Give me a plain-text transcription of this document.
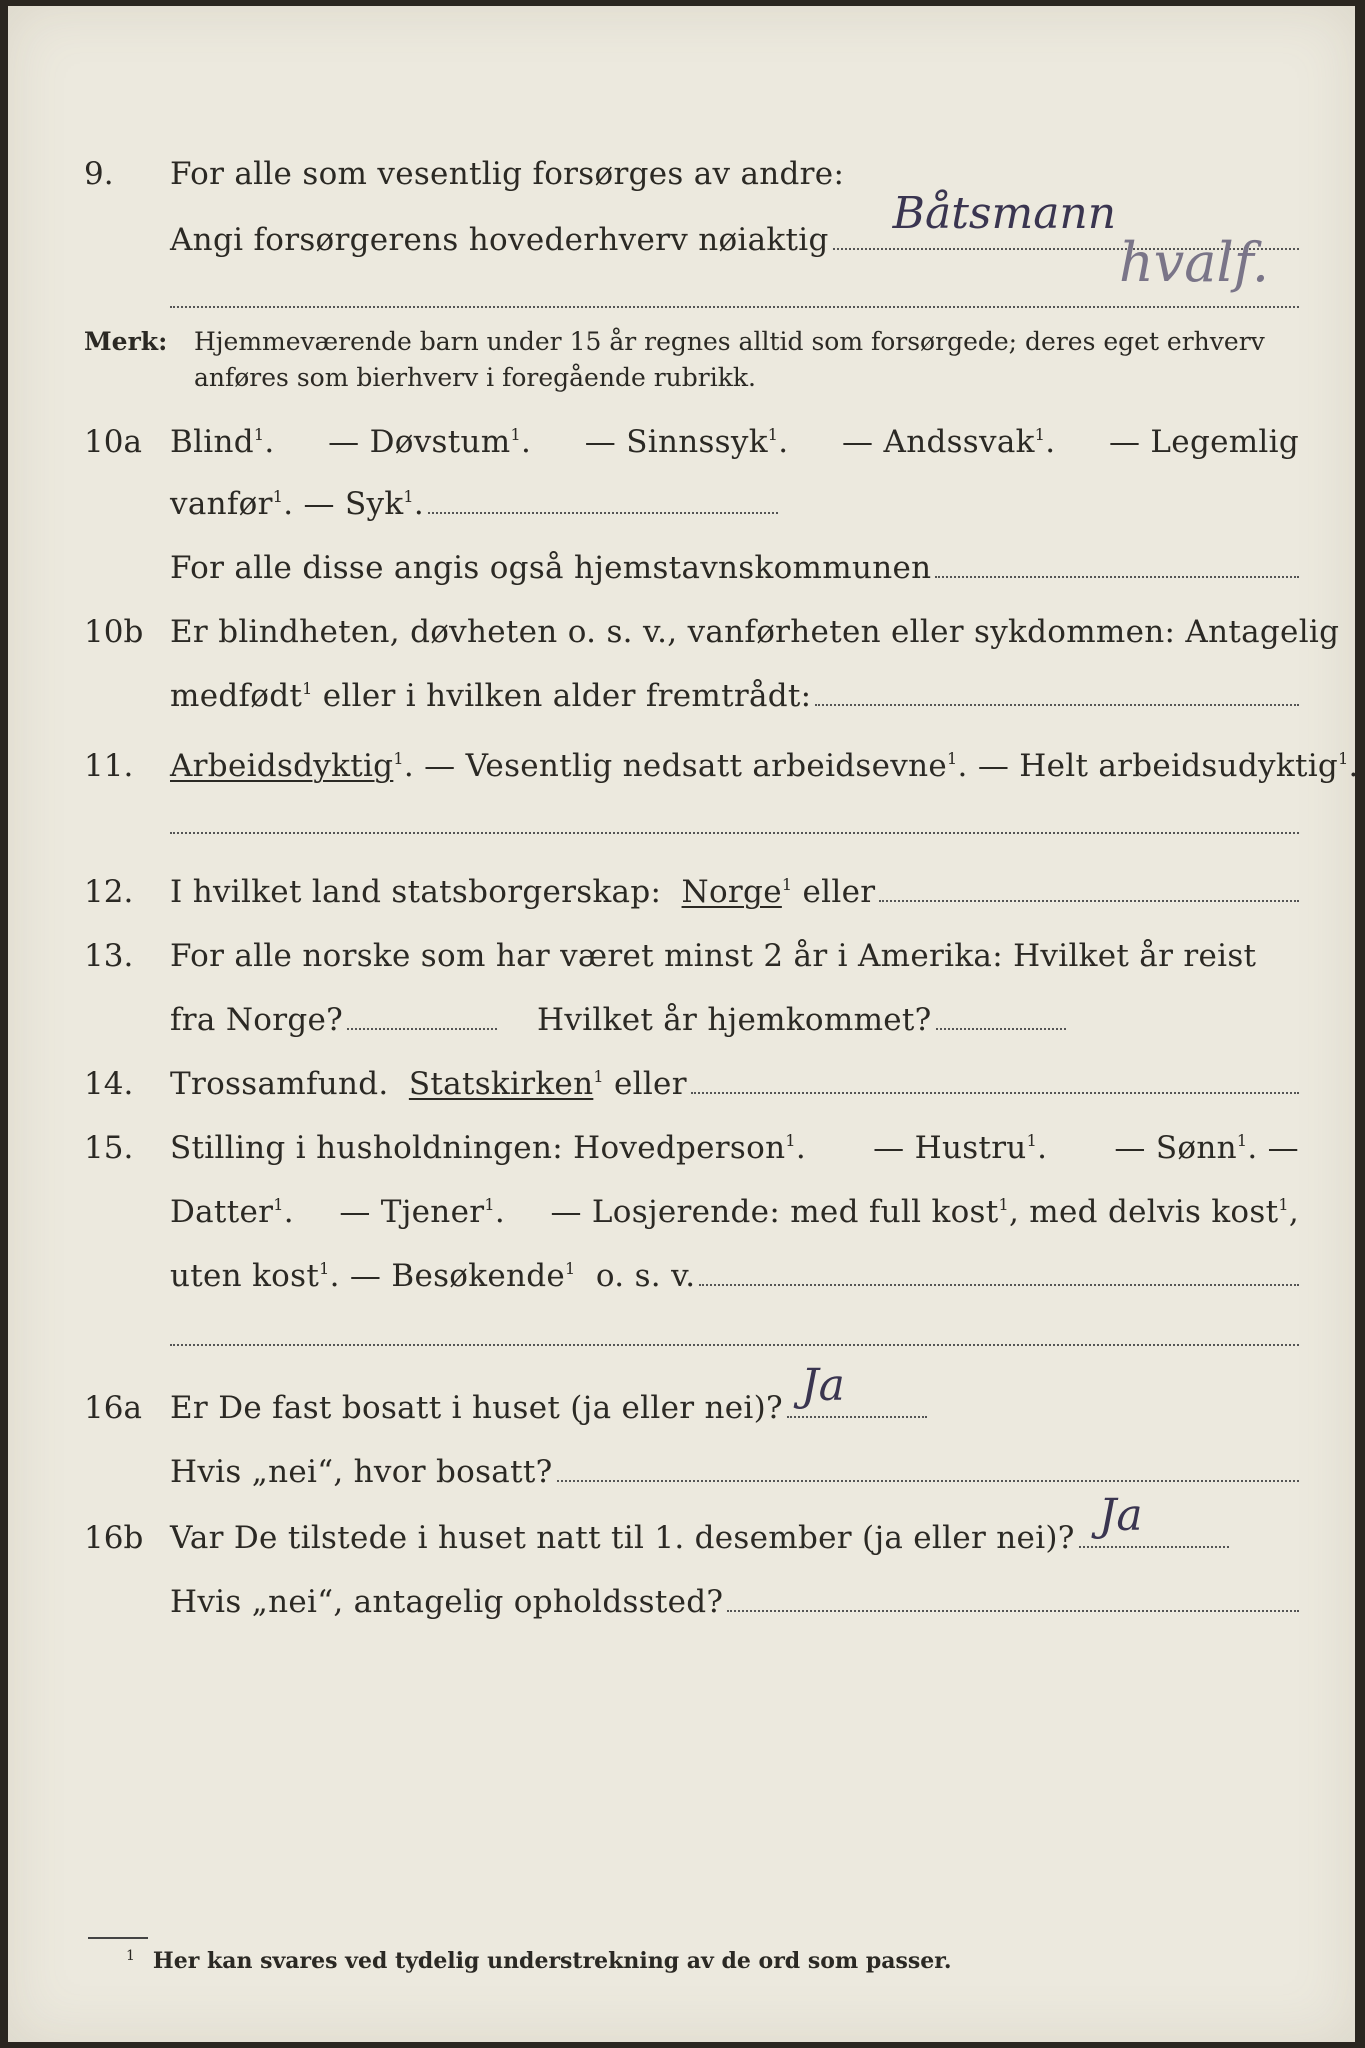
9. For alle som vesentlig forsørges av andre:
Angi forsørgerens hovederhverv nøiaktig
Båtsmann
hvalf.
Merk: Hjemmeværende barn under 15 år regnes alltid som forsørgede; deres eget erhverv
anføres som bierhverv i foregående rubrikk.
10a Blind$^1$. — Døvstum$^1$. — Sinnssyk$^1$. — Andssvak$^1$. — Legemlig
vanfør$^1$. — Syk$^1$.
For alle disse angis også hjemstavnskommunen
10b Er blindheten, døvheten o. s. v., vanførheten eller sykdommen: Antagelig
medfødt$^1$ eller i hvilken alder fremtrådt:
11. Arbeidsdyktig$^1$. — Vesentlig nedsatt arbeidsevne$^1$. — Helt arbeidsudyktig$^1$.
12. I hvilket land statsborgerskap: Norge$^1$ eller
13. For alle norske som har været minst 2 år i Amerika: Hvilket år reist
fra Norge?	Hvilket år hjemkommet?
14. Trossamfund. Statskirken$^1$ eller
15. Stilling i husholdningen: Hovedperson$^1$. — Hustru$^1$. — Sønn$^1$. —
Datter$^1$. — Tjener$^1$. — Losjerende: med full kost$^1$, med delvis kost$^1$,
uten kost$^1$. — Besøkende$^1$ o. s. v.
16a Er De fast bosatt i huset (ja eller nei)? Ja
Hvis „nei“, hvor bosatt?
16b Var De tilstede i huset natt til 1. desember (ja eller nei)? Ja
Hvis „nei“, antagelig opholdssted?
$^1$ Her kan svares ved tydelig understrekning av de ord som passer.
